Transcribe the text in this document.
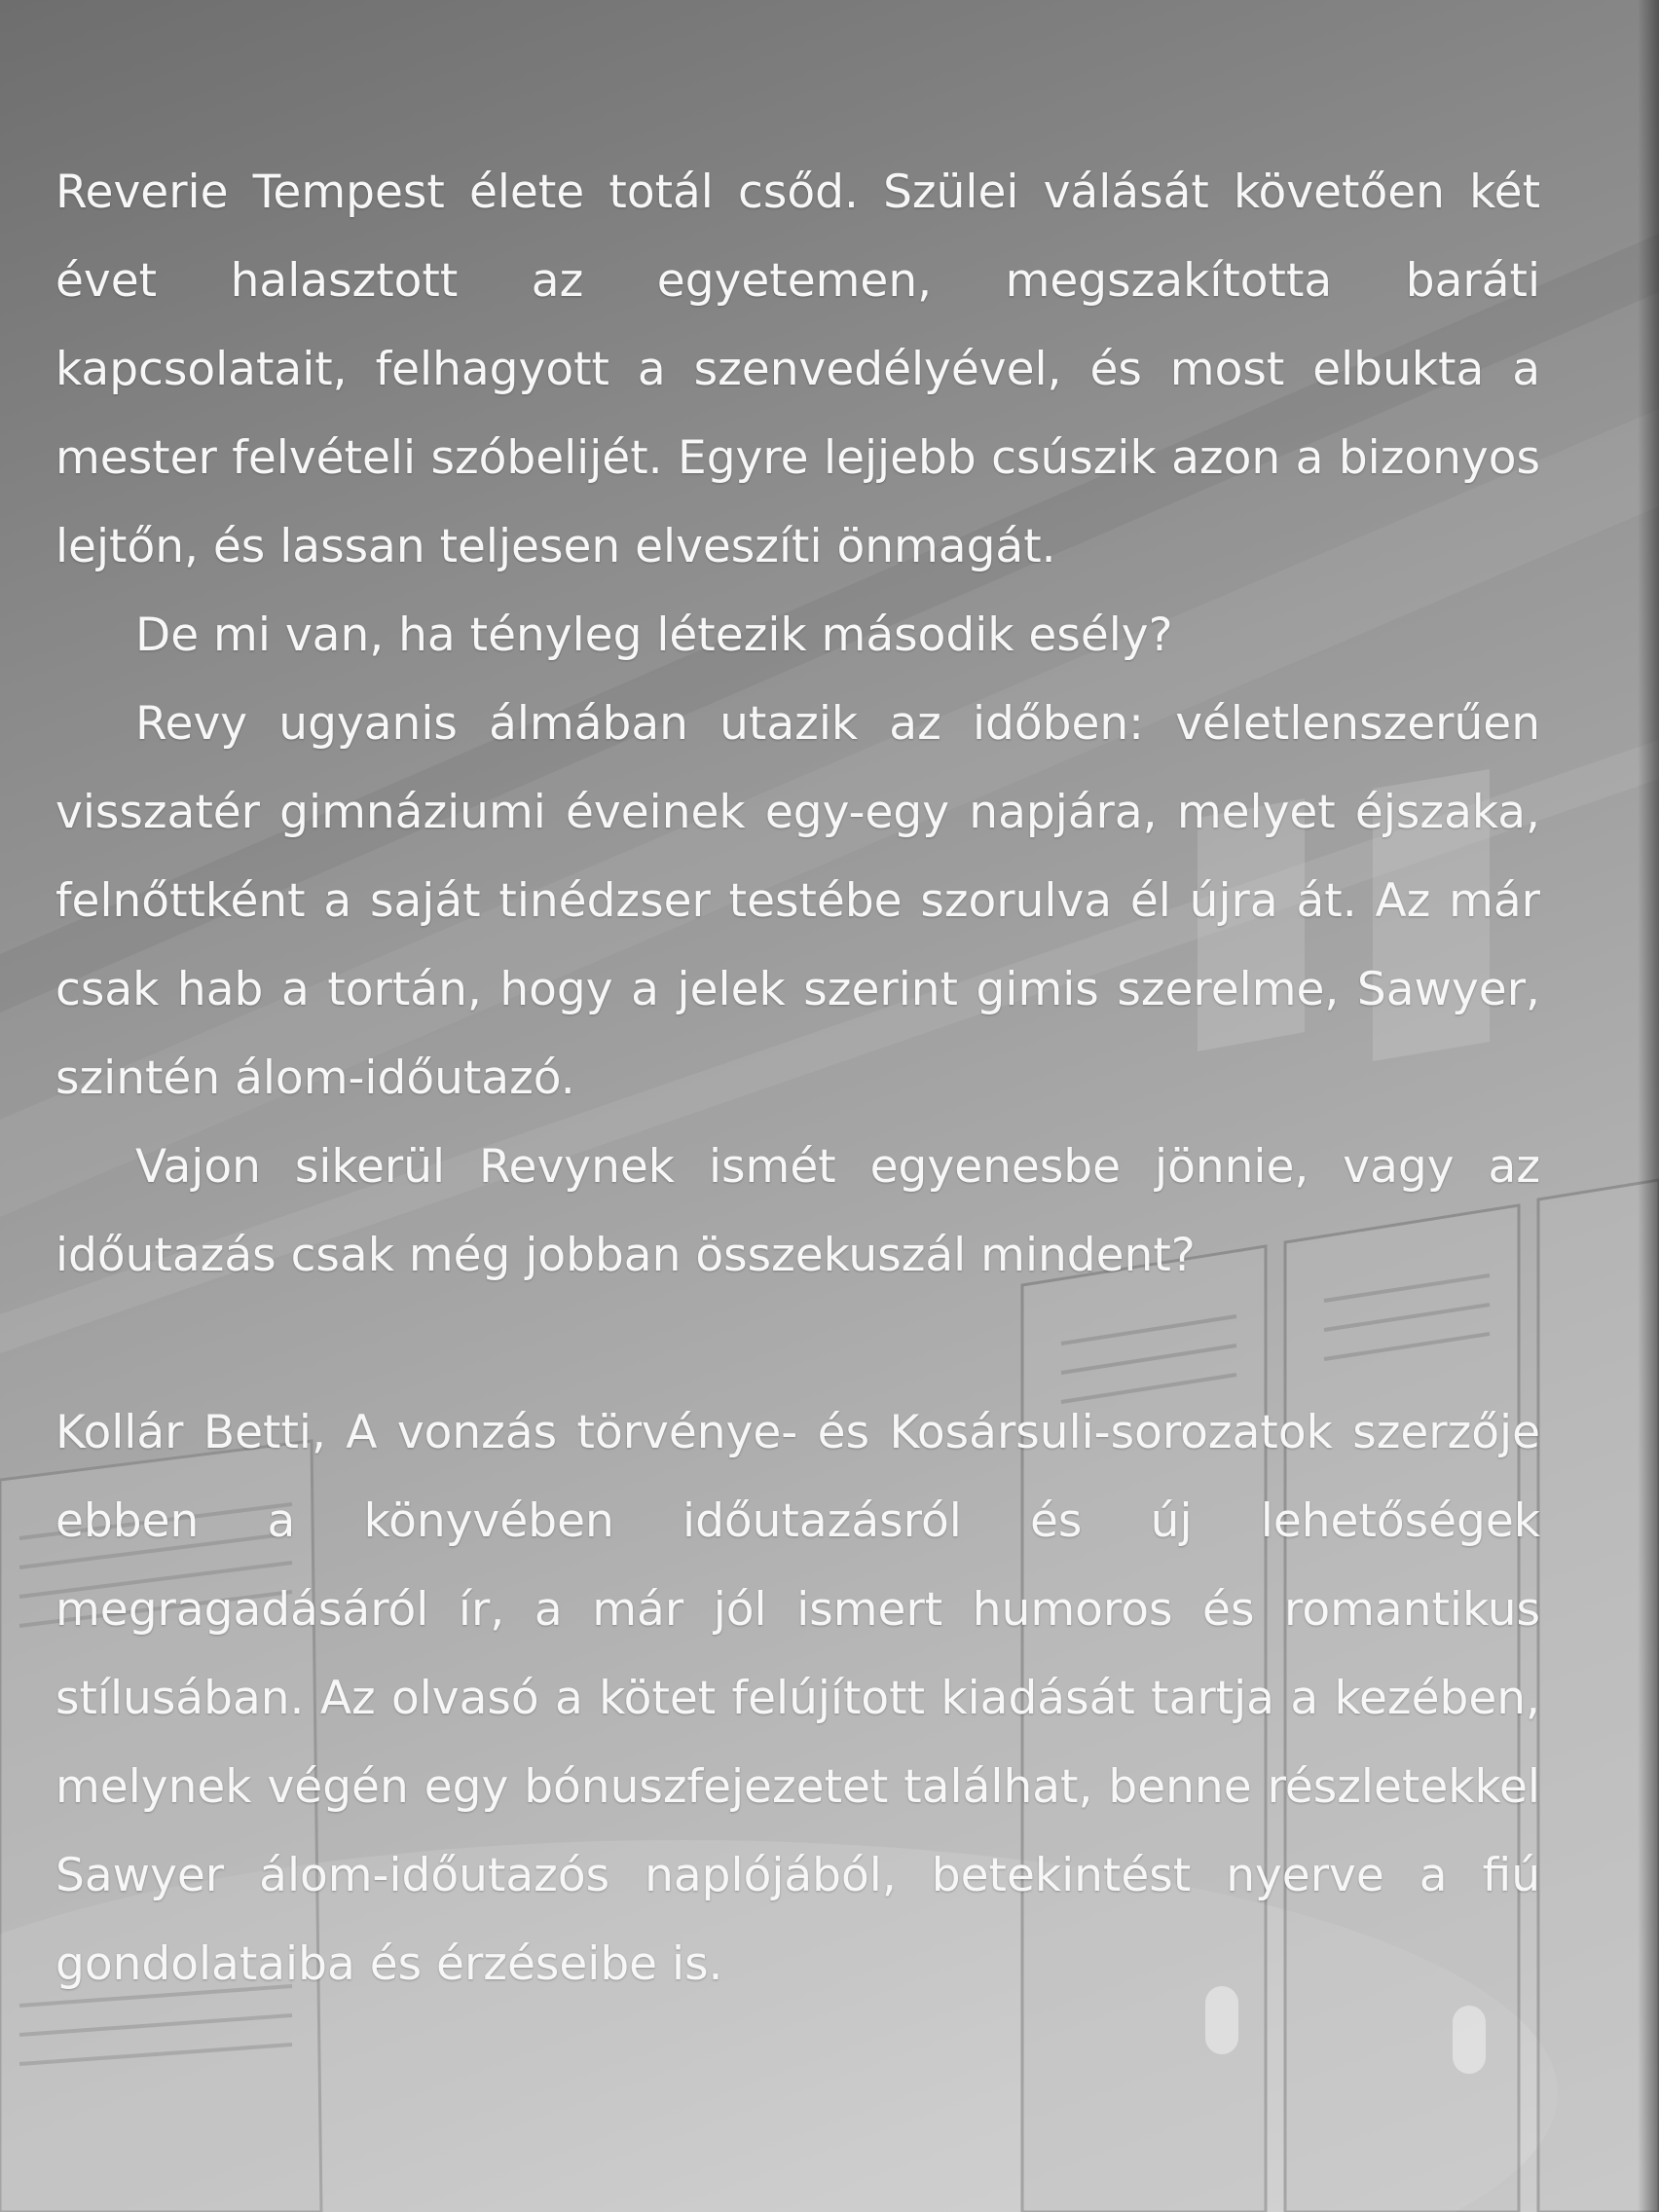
Reverie Tempest élete totál csőd. Szülei válását követően két évet halasztott az egyetemen, megszakította baráti kapcsolatait, felhagyott a szenvedélyével, és most elbukta a mester felvételi szóbelijét. Egyre lejjebb csúszik azon a bizonyos lejtőn, és lassan teljesen elveszíti önmagát.

De mi van, ha tényleg létezik második esély?

Revy ugyanis álmában utazik az időben: véletlenszerűen visszatér gimnáziumi éveinek egy-egy napjára, melyet éjszaka, felnőttként a saját tinédzser testébe szorulva él újra át. Az már csak hab a tortán, hogy a jelek szerint gimis szerelme, Sawyer, szintén álom-időutazó.

Vajon sikerül Revynek ismét egyenesbe jönnie, vagy az időutazás csak még jobban összekuszál mindent?

Kollár Betti, A vonzás törvénye- és Kosársuli-sorozatok szerzője ebben a könyvében időutazásról és új lehetőségek megragadásáról ír, a már jól ismert humoros és romantikus stílusában. Az olvasó a kötet felújított kiadását tartja a kezében, melynek végén egy bónuszfejezetet találhat, benne részletekkel Sawyer álom-időutazós naplójából, betekintést nyerve a fiú gondolataiba és érzéseibe is.
